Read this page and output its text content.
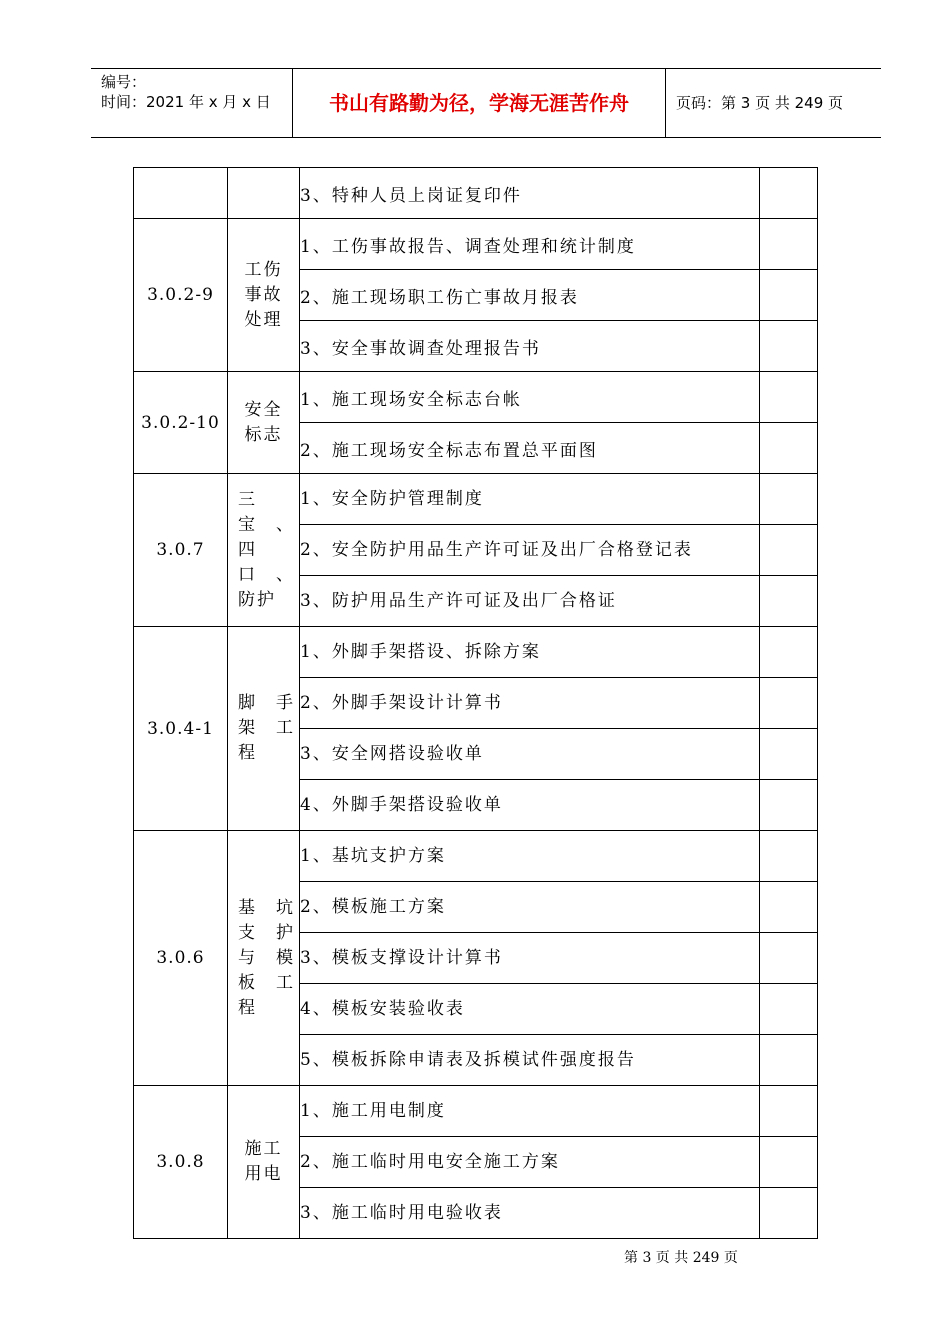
编号：
时间：2021 年 x 月 x 日	书山有路勤为径，学海无涯苦作舟	页码：第 3 页 共 249 页
		3、特种人员上岗证复印件	
3.0.2-9	工伤
事故
处理	1、工伤事故报告、调查处理和统计制度	
		2、施工现场职工伤亡事故月报表	
		3、安全事故调查处理报告书	
3.0.2-10	安全
标志	1、施工现场安全标志台帐	
		2、施工现场安全标志布置总平面图	
3.0.7	三
宝　、
四
口　、
防护	1、安全防护管理制度	
		2、安全防护用品生产许可证及出厂合格登记表	
		3、防护用品生产许可证及出厂合格证	
3.0.4-1	脚　手
架　工
程	1、外脚手架搭设、拆除方案	
		2、外脚手架设计计算书	
		3、安全网搭设验收单	
		4、外脚手架搭设验收单	
3.0.6	基　坑
支　护
与　模
板　工
程	1、基坑支护方案	
		2、模板施工方案	
		3、模板支撑设计计算书	
		4、模板安装验收表	
		5、模板拆除申请表及拆模试件强度报告	
3.0.8	施工
用电	1、施工用电制度	
		2、施工临时用电安全施工方案	
		3、施工临时用电验收表	
第 3 页 共 249 页
